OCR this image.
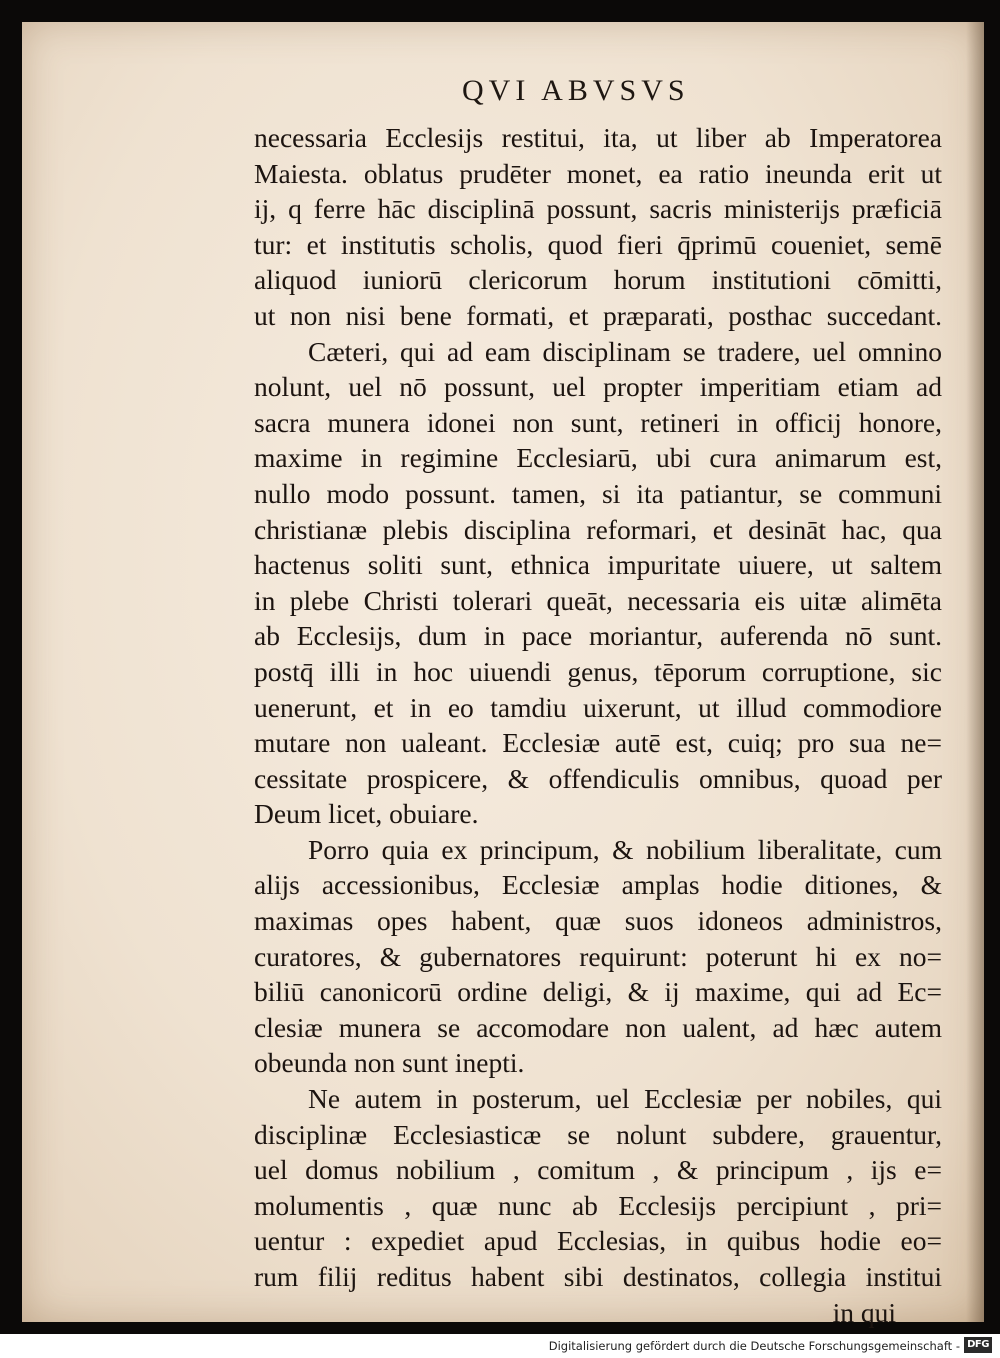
QVI ABVSVS
necessaria Ecclesijs restitui, ita, ut liber ab Imperatorea
Maiesta. oblatus prudēter monet, ea ratio ineunda erit ut
ij, q ferre hāc disciplinā possunt, sacris ministerijs præficiā
tur: et institutis scholis, quod fieri q̄primū coueniet, semē
aliquod iuniorū clericorum horum institutioni cōmitti,
ut non nisi bene formati, et præparati, posthac succedant.
Cæteri, qui ad eam disciplinam se tradere, uel omnino
nolunt, uel nō possunt, uel propter imperitiam etiam ad
sacra munera idonei non sunt, retineri in officij honore,
maxime in regimine Ecclesiarū, ubi cura animarum est,
nullo modo possunt. tamen, si ita patiantur, se communi
christianæ plebis disciplina reformari, et desināt hac, qua
hactenus soliti sunt, ethnica impuritate uiuere, ut saltem
in plebe Christi tolerari queāt, necessaria eis uitæ alimēta
ab Ecclesijs, dum in pace moriantur, auferenda nō sunt.
postq̄ illi in hoc uiuendi genus, tēporum corruptione, sic
uenerunt, et in eo tamdiu uixerunt, ut illud commodiore
mutare non ualeant. Ecclesiæ autē est, cuiq; pro sua ne=
cessitate prospicere, & offendiculis omnibus, quoad per
Deum licet, obuiare.
Porro quia ex principum, & nobilium liberalitate, cum
alijs accessionibus, Ecclesiæ amplas hodie ditiones, &
maximas opes habent, quæ suos idoneos administros,
curatores, & gubernatores requirunt: poterunt hi ex no=
biliū canonicorū ordine deligi, & ij maxime, qui ad Ec=
clesiæ munera se accomodare non ualent, ad hæc autem
obeunda non sunt inepti.
Ne autem in posterum, uel Ecclesiæ per nobiles, qui
disciplinæ Ecclesiasticæ se nolunt subdere, grauentur,
uel domus nobilium , comitum , & principum , ijs e=
molumentis , quæ nunc ab Ecclesijs percipiunt , pri=
uentur : expediet apud Ecclesias, in quibus hodie eo=
rum filij reditus habent sibi destinatos, collegia institui
in qui
Digitalisierung gefördert durch die Deutsche Forschungsgemeinschaft - DFG
